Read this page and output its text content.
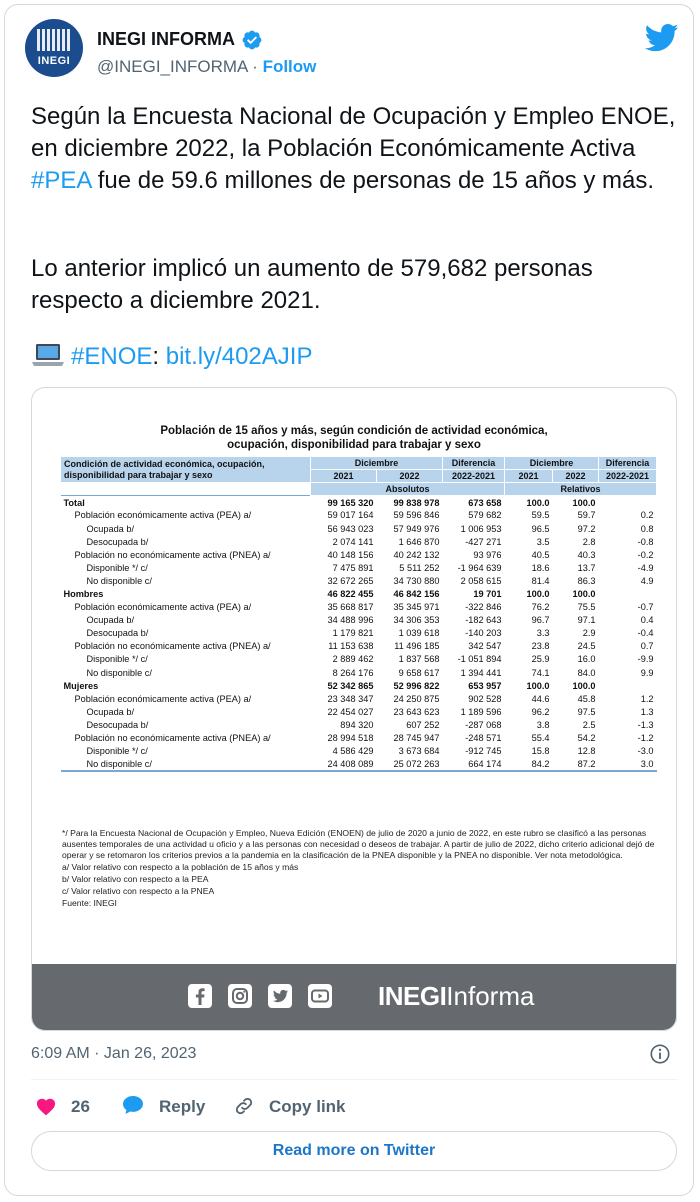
INEGI
INEGI INFORMA
@INEGI_INFORMA · Follow
Según la Encuesta Nacional de Ocupación y Empleo ENOE, en diciembre 2022, la Población Económicamente Activa #PEA fue de 59.6 millones de personas de 15 años y más.
Lo anterior implicó un aumento de 579,682 personas respecto a diciembre 2021.
#ENOE: bit.ly/402AJIP
Población de 15 años y más, según condición de actividad económica,
ocupación, disponibilidad para trabajar y sexo
Condición de actividad económica, ocupación, disponibilidad para trabajar y sexo	Diciembre		Diferencia	Diciembre		Diferencia
	2021	2022	2022-2021	2021	2022	2022-2021
	Absolutos			Relativos		
Total	99 165 320	99 838 978	673 658	100.0	100.0	
Población económicamente activa (PEA) a/	59 017 164	59 596 846	579 682	59.5	59.7	0.2
Ocupada b/	56 943 023	57 949 976	1 006 953	96.5	97.2	0.8
Desocupada b/	2 074 141	1 646 870	-427 271	3.5	2.8	-0.8
Población no económicamente activa (PNEA) a/	40 148 156	40 242 132	93 976	40.5	40.3	-0.2
Disponible */ c/	7 475 891	5 511 252	-1 964 639	18.6	13.7	-4.9
No disponible c/	32 672 265	34 730 880	2 058 615	81.4	86.3	4.9
Hombres	46 822 455	46 842 156	19 701	100.0	100.0	
Población económicamente activa (PEA) a/	35 668 817	35 345 971	-322 846	76.2	75.5	-0.7
Ocupada b/	34 488 996	34 306 353	-182 643	96.7	97.1	0.4
Desocupada b/	1 179 821	1 039 618	-140 203	3.3	2.9	-0.4
Población no económicamente activa (PNEA) a/	11 153 638	11 496 185	342 547	23.8	24.5	0.7
Disponible */ c/	2 889 462	1 837 568	-1 051 894	25.9	16.0	-9.9
No disponible c/	8 264 176	9 658 617	1 394 441	74.1	84.0	9.9
Mujeres	52 342 865	52 996 822	653 957	100.0	100.0	
Población económicamente activa (PEA) a/	23 348 347	24 250 875	902 528	44.6	45.8	1.2
Ocupada b/	22 454 027	23 643 623	1 189 596	96.2	97.5	1.3
Desocupada b/	894 320	607 252	-287 068	3.8	2.5	-1.3
Población no económicamente activa (PNEA) a/	28 994 518	28 745 947	-248 571	55.4	54.2	-1.2
Disponible */ c/	4 586 429	3 673 684	-912 745	15.8	12.8	-3.0
No disponible c/	24 408 089	25 072 263	664 174	84.2	87.2	3.0
*/ Para la Encuesta Nacional de Ocupación y Empleo, Nueva Edición (ENOEN) de julio de 2020 a junio de 2022, en este rubro se clasificó a las personas ausentes temporales de una actividad u oficio y a las personas con necesidad o deseos de trabajar. A partir de julio de 2022, dicho criterio adicional dejó de operar y se retomaron los criterios previos a la pandemia en la clasificación de la PNEA disponible y la PNEA no disponible. Ver nota metodológica.
a/ Valor relativo con respecto a la población de 15 años y más
b/ Valor relativo con respecto a la PEA
c/ Valor relativo con respecto a la PNEA
Fuente: INEGI
INEGIInforma
6:09 AM · Jan 26, 2023
26	Reply	Copy link
Read more on Twitter
